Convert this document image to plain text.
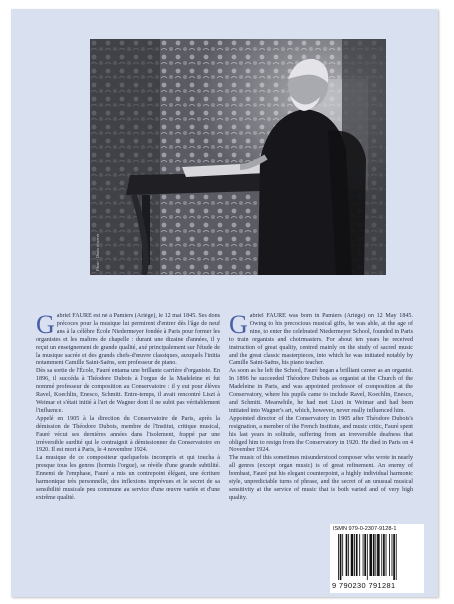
Photo : Droits réservés
G abriel FAURÉ est né à Pamiers (Ariège), le 12 mai 1845. Ses dons précoces pour la musique lui permirent d'entrer dès l'âge de neuf ans à la célèbre École Niedermeyer fondée à Paris pour former les organistes et les maîtres de chapelle : durant une dizaine d'années, il y reçut un enseignement de grande qualité, axé principalement sur l'étude de la musique sacrée et des grands chefs-d'œuvre classiques, auxquels l'initia notamment Camille Saint-Saëns, son professeur de piano.

Dès sa sortie de l'École, Fauré entama une brillante carrière d'organiste. En 1896, il succéda à Théodore Dubois à l'orgue de la Madeleine et fut nommé professeur de composition au Conservatoire : il y eut pour élèves Ravel, Koechlin, Enesco, Schmitt. Entre-temps, il avait rencontré Liszt à Weimar et s'était initié à l'art de Wagner dont il ne subit pas véritablement l'influence.

Appelé en 1905 à la direction du Conservatoire de Paris, après la démission de Théodore Dubois, membre de l'Institut, critique musical, Fauré vécut ses dernières années dans l'isolement, frappé par une irréversible surdité qui le contraignit à démissionner du Conservatoire en 1920. Il est mort à Paris, le 4 novembre 1924.

La musique de ce compositeur quelquefois incompris et qui toucha à presque tous les genres (hormis l'orgue), se révèle d'une grande subtilité. Ennemi de l'emphase, Fauré a mis un contrepoint élégant, une écriture harmonique très personnelle, des inflexions imprévues et le secret de sa sensibilité musicale peu commune au service d'une œuvre variée et d'une extrême qualité.

G abriel FAURÉ was born in Pamiers (Ariège) on 12 May 1845. Owing to his precocious musical gifts, he was able, at the age of nine, to enter the celebrated Niedermeyer School, founded in Paris to train organists and choirmasters. For about ten years he received instruction of great quality, centred mainly on the study of sacred music and the great classic masterpieces, into which he was initiated notably by Camille Saint-Saëns, his piano teacher.

As soon as he left the School, Fauré began a brilliant career as an organist. In 1896 he succeeded Théodore Dubois as organist at the Church of the Madeleine in Paris, and was appointed professor of composition at the Conservatory, where his pupils came to include Ravel, Koechlin, Enesco, and Schmitt. Meanwhile, he had met Liszt in Weimar and had been initiated into Wagner's art, which, however, never really influenced him.

Appointed director of the Conservatory in 1905 after Théodore Dubois's resignation, a member of the French Institute, and music critic, Fauré spent his last years in solitude, suffering from an irreversible deafness that obliged him to resign from the Conservatory in 1920. He died in Paris on 4 November 1924.

The music of this sometimes misunderstood composer who wrote in nearly all genres (except organ music) is of great refinement. An enemy of bombast, Fauré put his elegant counterpoint, a highly individual harmonic style, unpredictable turns of phrase, and the secret of an unusual musical sensitivity at the service of music that is both varied and of very high quality.

ISMN 979-0-2307-9128-1
9 790230 791281
